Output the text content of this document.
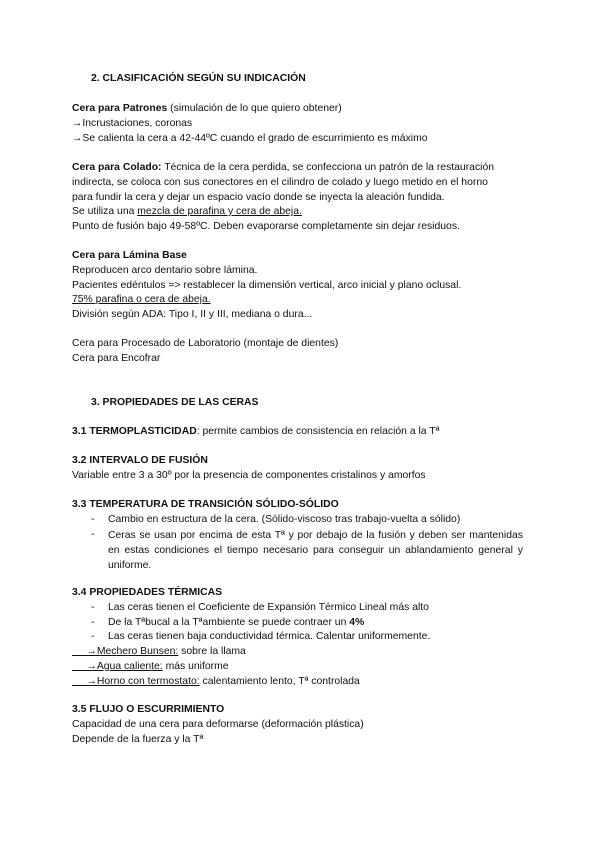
2. CLASIFICACIÓN SEGÚN SU INDICACIÓN
Cera para Patrones (simulación de lo que quiero obtener)
→Incrustaciones, coronas
→Se calienta la cera a 42-44ºC cuando el grado de escurrimiento es máximo
Cera para Colado: Técnica de la cera perdida, se confecciona un patrón de la restauración
indirecta, se coloca con sus conectores en el cilindro de colado y luego metido en el horno
para fundir la cera y dejar un espacio vacío donde se inyecta la aleación fundida.
Se utiliza una mezcla de parafina y cera de abeja.
Punto de fusión bajo 49-58ºC. Deben evaporarse completamente sin dejar residuos.
Cera para Lámina Base
Reproducen arco dentario sobre lámina.
Pacientes edéntulos => restablecer la dimensión vertical, arco inicial y plano oclusal.
75% parafina o cera de abeja.
División según ADA: Tipo I, II y III, mediana o dura...
Cera para Procesado de Laboratorio (montaje de dientes)
Cera para Encofrar
3. PROPIEDADES DE LAS CERAS
3.1 TERMOPLASTICIDAD: permite cambios de consistencia en relación a la Tª
3.2 INTERVALO DE FUSIÓN
Variable entre 3 a 30º por la presencia de componentes cristalinos y amorfos
3.3 TEMPERATURA DE TRANSICIÓN SÓLIDO-SÓLIDO
- Cambio en estructura de la cera. (Sólido-viscoso tras trabajo-vuelta a sólido)
- Ceras se usan por encima de esta Tª y por debajo de la fusión y deben ser mantenidas en estas condiciones el tiempo necesario para conseguir un ablandamiento general y uniforme.
3.4 PROPIEDADES TÉRMICAS
- Las ceras tienen el Coeficiente de Expansión Térmico Lineal más alto
- De la Tªbucal a la Tªambiente se puede contraer un 4%
- Las ceras tienen baja conductividad térmica. Calentar uniformemente.
→Mechero Bunsen: sobre la llama
→Agua caliente: más uniforme
→Horno con termostato: calentamiento lento, Tª controlada
3.5 FLUJO O ESCURRIMIENTO
Capacidad de una cera para deformarse (deformación plástica)
Depende de la fuerza y la Tª
